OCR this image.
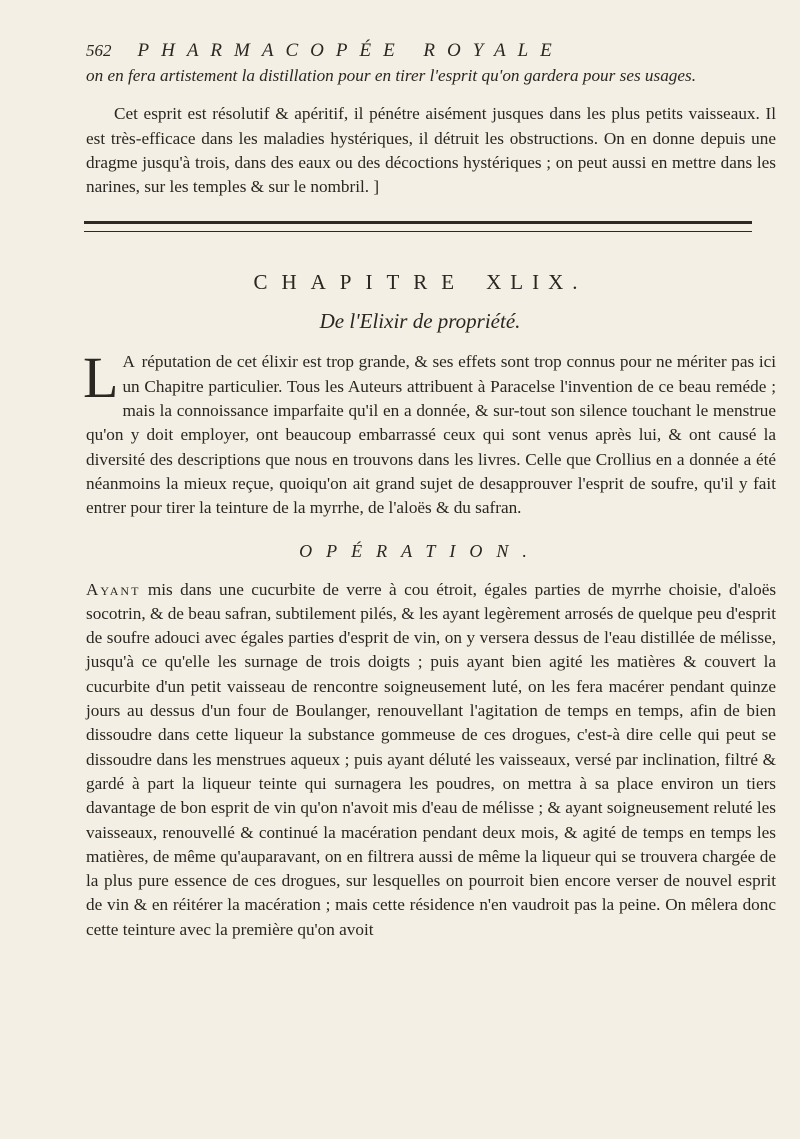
562	PHARMACOPÉE ROYALE

on en fera artistement la distillation pour en tirer l'esprit qu'on gardera pour ses usages.

Cet esprit est résolutif & apéritif, il pénétre aisément jusques dans les plus petits vaisseaux. Il est très-efficace dans les maladies hystériques, il détruit les obstructions. On en donne depuis une dragme jusqu'à trois, dans des eaux ou des décoctions hystériques ; on peut aussi en mettre dans les narines, sur les temples & sur le nombril. ]

CHAPITRE XLIX.
De l'Elixir de propriété.
L A réputation de cet élixir est trop grande, & ses effets sont trop connus pour ne mériter pas ici un Chapitre particulier. Tous les Auteurs attribuent à Paracelse l'invention de ce beau reméde ; mais la connoissance imparfaite qu'il en a donnée, & sur-tout son silence touchant le menstrue qu'on y doit employer, ont beaucoup embarrassé ceux qui sont venus après lui, & ont causé la diversité des descriptions que nous en trouvons dans les livres. Celle que Crollius en a donnée a été néanmoins la mieux reçue, quoiqu'on ait grand sujet de desapprouver l'esprit de soufre, qu'il y fait entrer pour tirer la teinture de la myrrhe, de l'aloës & du safran.
OPÉRATION.

Ayant mis dans une cucurbite de verre à cou étroit, égales parties de myrrhe choisie, d'aloës socotrin, & de beau safran, subtilement pilés, & les ayant legèrement arrosés de quelque peu d'esprit de soufre adouci avec égales parties d'esprit de vin, on y versera dessus de l'eau distillée de mélisse, jusqu'à ce qu'elle les surnage de trois doigts ; puis ayant bien agité les matières & couvert la cucurbite d'un petit vaisseau de rencontre soigneusement luté, on les fera macérer pendant quinze jours au dessus d'un four de Boulanger, renouvellant l'agitation de temps en temps, afin de bien dissoudre dans cette liqueur la substance gommeuse de ces drogues, c'est-à dire celle qui peut se dissoudre dans les menstrues aqueux ; puis ayant déluté les vaisseaux, versé par inclination, filtré & gardé à part la liqueur teinte qui surnagera les poudres, on mettra à sa place environ un tiers davantage de bon esprit de vin qu'on n'avoit mis d'eau de mélisse ; & ayant soigneusement reluté les vaisseaux, renouvellé & continué la macération pendant deux mois, & agité de temps en temps les matières, de même qu'auparavant, on en filtrera aussi de même la liqueur qui se trouvera chargée de la plus pure essence de ces drogues, sur lesquelles on pourroit bien encore verser de nouvel esprit de vin & en réitérer la macération ; mais cette résidence n'en vaudroit pas la peine. On mêlera donc cette teinture avec la première qu'on avoit
